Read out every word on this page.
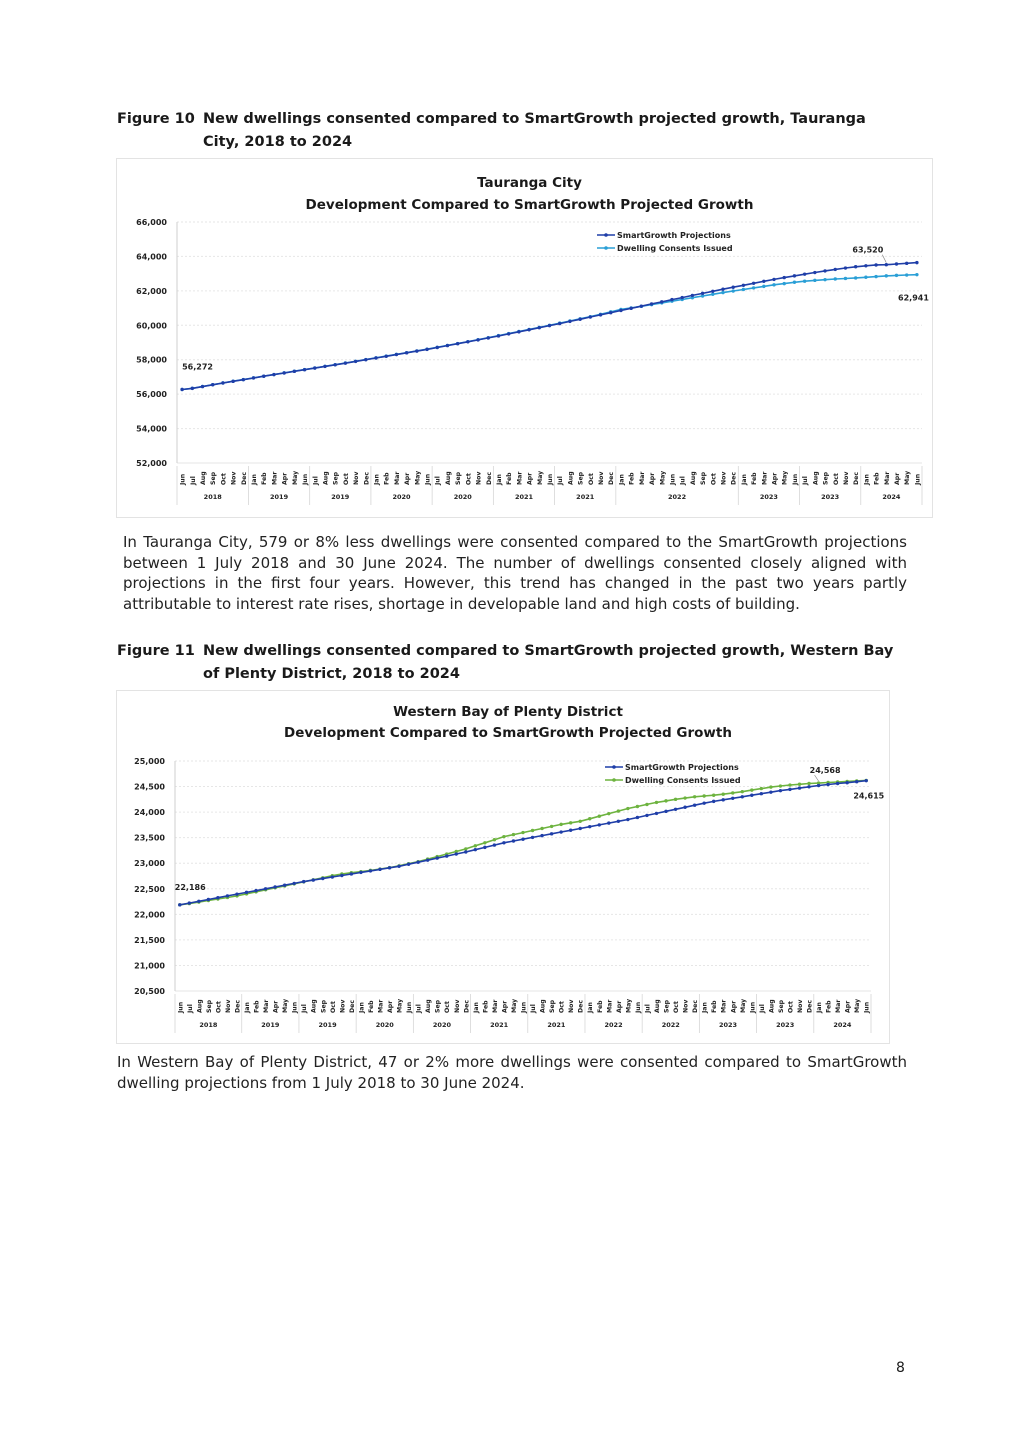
Figure 10 New dwellings consented compared to SmartGrowth projected growth, Tauranga City, 2018 to 2024
Tauranga City
Development Compared to SmartGrowth Projected Growth
52,000
54,000
56,000
58,000
60,000
62,000
64,000
66,000
Jun Jul Aug Sep Oct Nov Dec Jan Feb Mar Apr May Jun Jul Aug Sep Oct Nov Dec Jan Feb Mar Apr May Jun Jul Aug Sep Oct Nov Dec Jan Feb Mar Apr May Jun Jul Aug Sep Oct Nov Dec Jan Feb Mar Apr May Jun Jul Aug Sep Oct Nov Dec Jan Feb Mar Apr May Jun Jul Aug Sep Oct Nov Dec Jan Feb Mar Apr May Jun
2018	2019	2019	2020	2020	2021	2021	2022	2023	2023	2024
SmartGrowth Projections
Dwelling Consents Issued
56,272
63,520
62,941
In Tauranga City, 579 or 8% less dwellings were consented compared to the SmartGrowth projections between 1 July 2018 and 30 June 2024. The number of dwellings consented closely aligned with projections in the first four years. However, this trend has changed in the past two years partly attributable to interest rate rises, shortage in developable land and high costs of building.
Figure 11 New dwellings consented compared to SmartGrowth projected growth, Western Bay of Plenty District, 2018 to 2024
Western Bay of Plenty District
Development Compared to SmartGrowth Projected Growth
20,500
21,000
21,500
22,000
22,500
23,000
23,500
24,000
24,500
25,000
Jun Jul Aug Sep Oct Nov Dec Jan Feb Mar Apr May Jun Jul Aug Sep Oct Nov Dec Jan Feb Mar Apr May Jun Jul Aug Sep Oct Nov Dec Jan Feb Mar Apr May Jun Jul Aug Sep Oct Nov Dec Jan Feb Mar Apr May Jun Jul Aug Sep Oct Nov Dec Jan Feb Mar Apr May Jun Jul Aug Sep Oct Nov Dec Jan Feb Mar Apr May Jun
2018	2019	2019	2020	2020	2021	2021	2022	2022	2023	2023	2024
SmartGrowth Projections
Dwelling Consents Issued
22,186
24,568
24,615
In Western Bay of Plenty District, 47 or 2% more dwellings were consented compared to SmartGrowth dwelling projections from 1 July 2018 to 30 June 2024.
8
